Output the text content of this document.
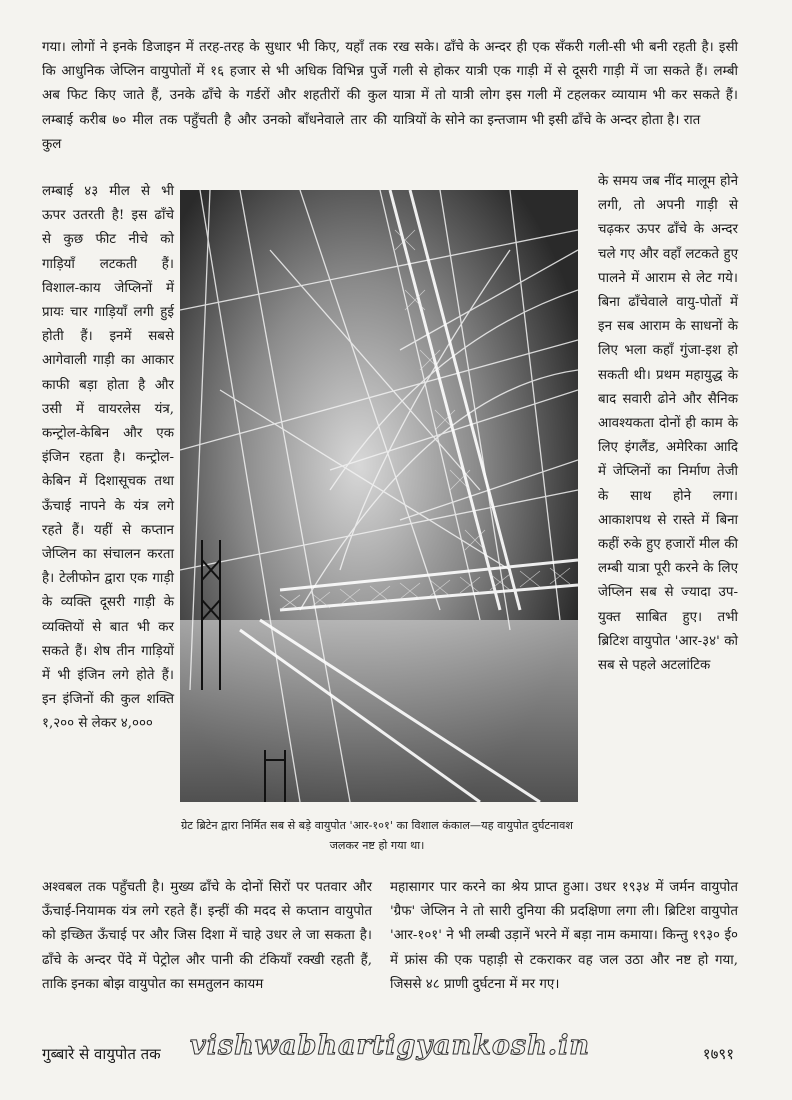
गया। लोगों ने इनके डिजाइन में तरह-तरह के सुधार भी किए, यहाँ तक कि आधुनिक जेप्लिन वायुपोतों में १६ हजार से भी अधिक विभिन्न पुर्जे अब फिट किए जाते हैं, उनके ढाँचे के गर्डरों और शहतीरों की कुल लम्बाई करीब ७० मील तक पहुँचती है और उनको बाँधनेवाले तार की कुल

लम्बाई ४३ मील से भी ऊपर उतरती है! इस ढाँचे से कुछ फीट नीचे को गाड़ियाँ लटकती हैं। विशाल-काय जेप्लिनों में प्रायः चार गाड़ियाँ लगी हुई होती हैं। इनमें सबसे आगेवाली गाड़ी का आकार काफी बड़ा होता है और उसी में वायरलेस यंत्र, कन्ट्रोल-केबिन और एक इंजिन रहता है। कन्ट्रोल-केबिन में दिशासूचक तथा ऊँचाई नापने के यंत्र लगे रहते हैं। यहीं से कप्तान जेप्लिन का संचालन करता है। टेलीफोन द्वारा एक गाड़ी के व्यक्ति दूसरी गाड़ी के व्यक्तियों से बात भी कर सकते हैं। शेष तीन गाड़ियों में भी इंजिन लगे होते हैं। इन इंजिनों की कुल शक्ति १,२०० से लेकर ४,०००

रख सके। ढाँचे के अन्दर ही एक सँकरी गली-सी भी बनी रहती है। इसी गली से होकर यात्री एक गाड़ी में से दूसरी गाड़ी में जा सकते हैं। लम्बी यात्रा में तो यात्री लोग इस गली में टहलकर व्यायाम भी कर सकते हैं। यात्रियों के सोने का इन्तजाम भी इसी ढाँचे के अन्दर होता है। रात

के समय जब नींद मालूम होने लगी, तो अपनी गाड़ी से चढ़कर ऊपर ढाँचे के अन्दर चले गए और वहाँ लटकते हुए पालने में आराम से लेट गये। बिना ढाँचेवाले वायु-पोतों में इन सब आराम के साधनों के लिए भला कहाँ गुंजा-इश हो सकती थी। प्रथम महायुद्ध के बाद सवारी ढोने और सैनिक आवश्यकता दोनों ही काम के लिए इंगलैंड, अमेरिका आदि में जेप्लिनों का निर्माण तेजी के साथ होने लगा। आकाशपथ से रास्ते में बिना कहीं रुके हुए हजारों मील की लम्बी यात्रा पूरी करने के लिए जेप्लिन सब से ज्यादा उप-युक्त साबित हुए। तभी ब्रिटिश वायुपोत 'आर-३४' को सब से पहले अटलांटिक

ग्रेट ब्रिटेन द्वारा निर्मित सब से बड़े वायुपोत 'आर-१०१' का विशाल कंकाल—यह वायुपोत दुर्घटनावश जलकर नष्ट हो गया था।

अश्वबल तक पहुँचती है। मुख्य ढाँचे के दोनों सिरों पर पतवार और ऊँचाई-नियामक यंत्र लगे रहते हैं। इन्हीं की मदद से कप्तान वायुपोत को इच्छित ऊँचाई पर और जिस दिशा में चाहे उधर ले जा सकता है। ढाँचे के अन्दर पेंदे में पेट्रोल और पानी की टंकियाँ रक्खी रहती हैं, ताकि इनका बोझ वायुपोत का समतुलन कायम

महासागर पार करने का श्रेय प्राप्त हुआ। उधर १९३४ में जर्मन वायुपोत 'ग्रैफ' जेप्लिन ने तो सारी दुनिया की प्रदक्षिणा लगा ली। ब्रिटिश वायुपोत 'आर-१०१' ने भी लम्बी उड़ानें भरने में बड़ा नाम कमाया। किन्तु १९३० ई० में फ्रांस की एक पहाड़ी से टकराकर वह जल उठा और नष्ट हो गया, जिससे ४८ प्राणी दुर्घटना में मर गए।

गुब्बारे से वायुपोत तक vishwabhartigyankosh.in	१७९१
